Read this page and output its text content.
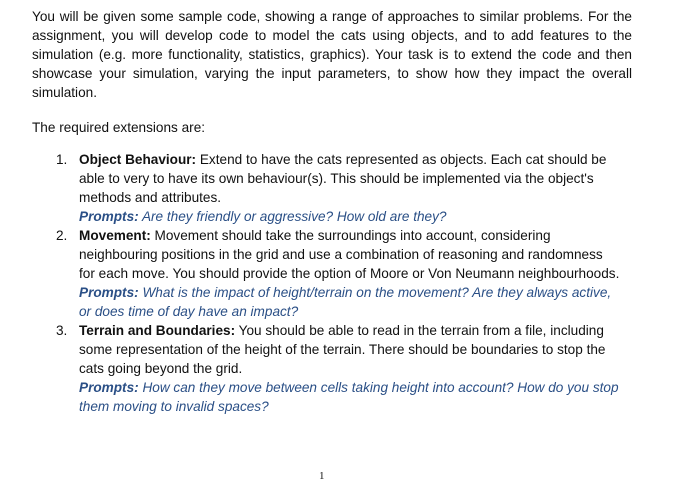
You will be given some sample code, showing a range of approaches to similar problems. For the assignment, you will develop code to model the cats using objects, and to add features to the simulation (e.g. more functionality, statistics, graphics). Your task is to extend the code and then showcase your simulation, varying the input parameters, to show how they impact the overall simulation.

The required extensions are:

1. Object Behaviour: Extend to have the cats represented as objects. Each cat should be able to very to have its own behaviour(s). This should be implemented via the object's methods and attributes.
Prompts: Are they friendly or aggressive? How old are they?
2. Movement: Movement should take the surroundings into account, considering neighbouring positions in the grid and use a combination of reasoning and randomness for each move. You should provide the option of Moore or Von Neumann neighbourhoods.
Prompts: What is the impact of height/terrain on the movement? Are they always active, or does time of day have an impact?
3. Terrain and Boundaries: You should be able to read in the terrain from a file, including some representation of the height of the terrain. There should be boundaries to stop the cats going beyond the grid.
Prompts: How can they move between cells taking height into account? How do you stop them moving to invalid spaces?
1
